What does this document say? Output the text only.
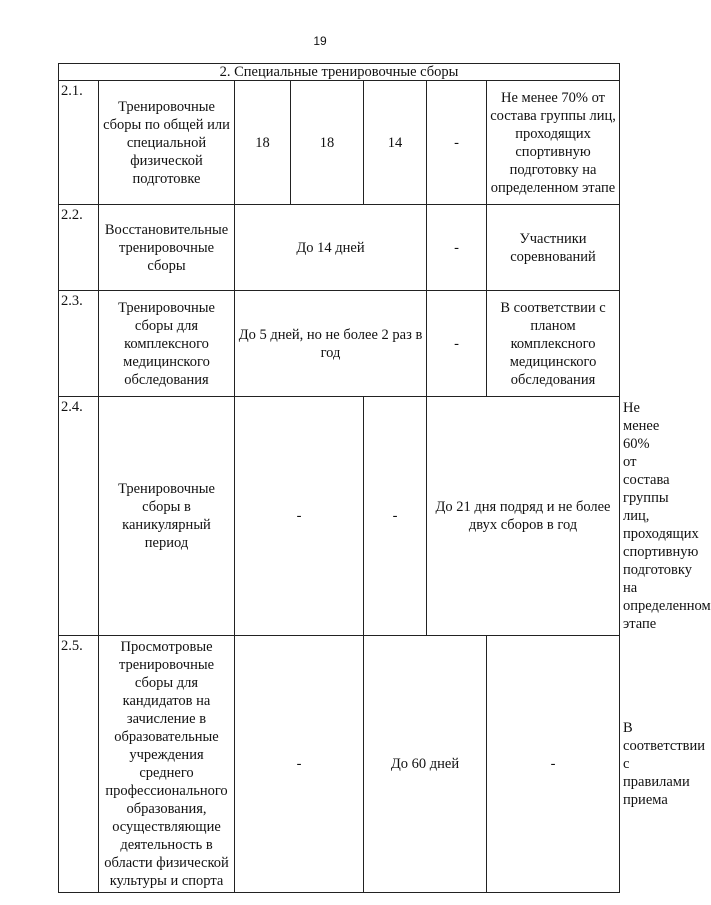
19
2. Специальные тренировочные сборы							
2.1.	Тренировочные сборы по общей или специальной физической подготовке	18	18	14	-	Не менее 70% от состава группы лиц, проходящих спортивную подготовку на определенном этапе	
2.2.	Восстановительные тренировочные сборы	До 14 дней			-	Участники соревнований	
2.3.	Тренировочные сборы для комплексного медицинского обследования	До 5 дней, но не более 2 раз в год			-	В соответствии с планом комплексного медицинского обследования	
2.4.	Тренировочные сборы в каникулярный период	-		-	До 21 дня подряд и не более двух сборов в год		Не менее 60% от состава группы лиц, проходящих спортивную подготовку на определенном этапе
2.5.	Просмотровые тренировочные сборы для кандидатов на зачисление в образовательные учреждения среднего профессионального образования, осуществляющие деятельность в области физической культуры и спорта	-		До 60 дней		-	В соответствии с правилами приема
